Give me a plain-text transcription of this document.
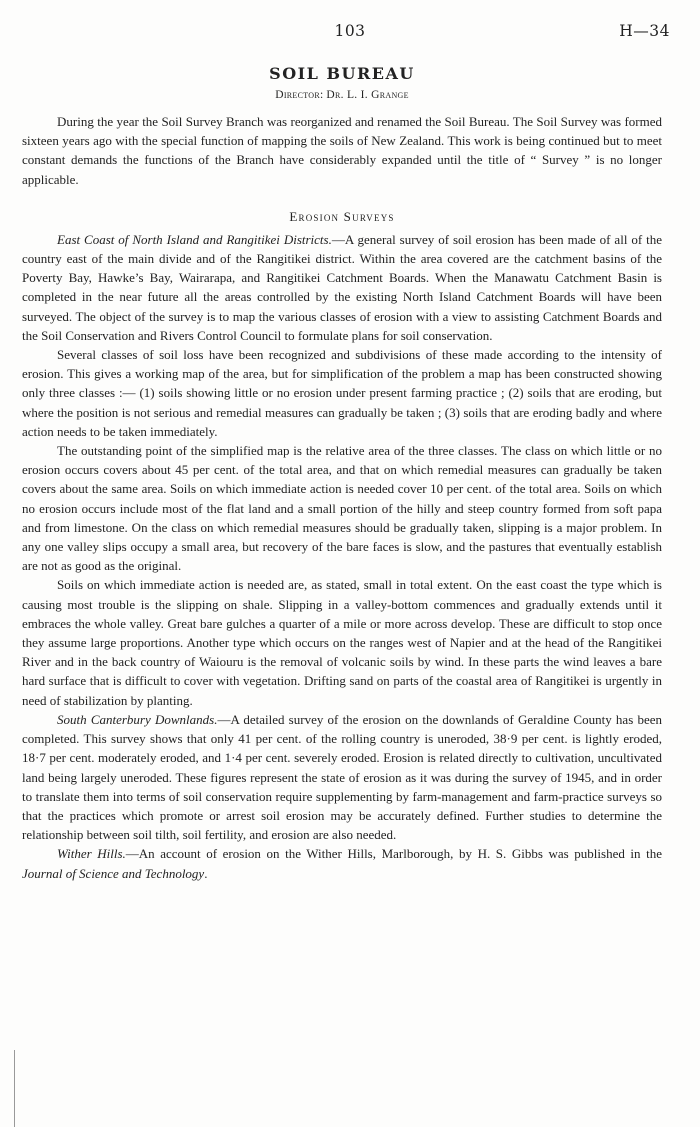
103	H—34
SOIL BUREAU
Director: Dr. L. I. Grange

During the year the Soil Survey Branch was reorganized and renamed the Soil Bureau. The Soil Survey was formed sixteen years ago with the special function of mapping the soils of New Zealand. This work is being continued but to meet constant demands the functions of the Branch have considerably expanded until the title of “ Survey ” is no longer applicable.

Erosion Surveys

East Coast of North Island and Rangitikei Districts.—A general survey of soil erosion has been made of all of the country east of the main divide and of the Rangitikei district. Within the area covered are the catchment basins of the Poverty Bay, Hawke’s Bay, Wairarapa, and Rangitikei Catchment Boards. When the Manawatu Catchment Basin is completed in the near future all the areas controlled by the existing North Island Catchment Boards will have been surveyed. The object of the survey is to map the various classes of erosion with a view to assisting Catchment Boards and the Soil Conservation and Rivers Control Council to formulate plans for soil conservation.

Several classes of soil loss have been recognized and subdivisions of these made according to the intensity of erosion. This gives a working map of the area, but for simplification of the problem a map has been constructed showing only three classes :— (1) soils showing little or no erosion under present farming practice ; (2) soils that are eroding, but where the position is not serious and remedial measures can gradually be taken ; (3) soils that are eroding badly and where action needs to be taken immediately.

The outstanding point of the simplified map is the relative area of the three classes. The class on which little or no erosion occurs covers about 45 per cent. of the total area, and that on which remedial measures can gradually be taken covers about the same area. Soils on which immediate action is needed cover 10 per cent. of the total area. Soils on which no erosion occurs include most of the flat land and a small portion of the hilly and steep country formed from soft papa and from limestone. On the class on which remedial measures should be gradually taken, slipping is a major problem. In any one valley slips occupy a small area, but recovery of the bare faces is slow, and the pastures that eventually establish are not as good as the original.

Soils on which immediate action is needed are, as stated, small in total extent. On the east coast the type which is causing most trouble is the slipping on shale. Slipping in a valley-bottom commences and gradually extends until it embraces the whole valley. Great bare gulches a quarter of a mile or more across develop. These are difficult to stop once they assume large proportions. Another type which occurs on the ranges west of Napier and at the head of the Rangitikei River and in the back country of Waiouru is the removal of volcanic soils by wind. In these parts the wind leaves a bare hard surface that is difficult to cover with vegetation. Drifting sand on parts of the coastal area of Rangitikei is urgently in need of stabilization by planting.

South Canterbury Downlands.—A detailed survey of the erosion on the downlands of Geraldine County has been completed. This survey shows that only 41 per cent. of the rolling country is uneroded, 38·9 per cent. is lightly eroded, 18·7 per cent. moderately eroded, and 1·4 per cent. severely eroded. Erosion is related directly to cultivation, uncultivated land being largely uneroded. These figures represent the state of erosion as it was during the survey of 1945, and in order to translate them into terms of soil conservation require supplementing by farm-management and farm-practice surveys so that the practices which promote or arrest soil erosion may be accurately defined. Further studies to determine the relationship between soil tilth, soil fertility, and erosion are also needed.

Wither Hills.—An account of erosion on the Wither Hills, Marlborough, by H. S. Gibbs was published in the Journal of Science and Technology.
